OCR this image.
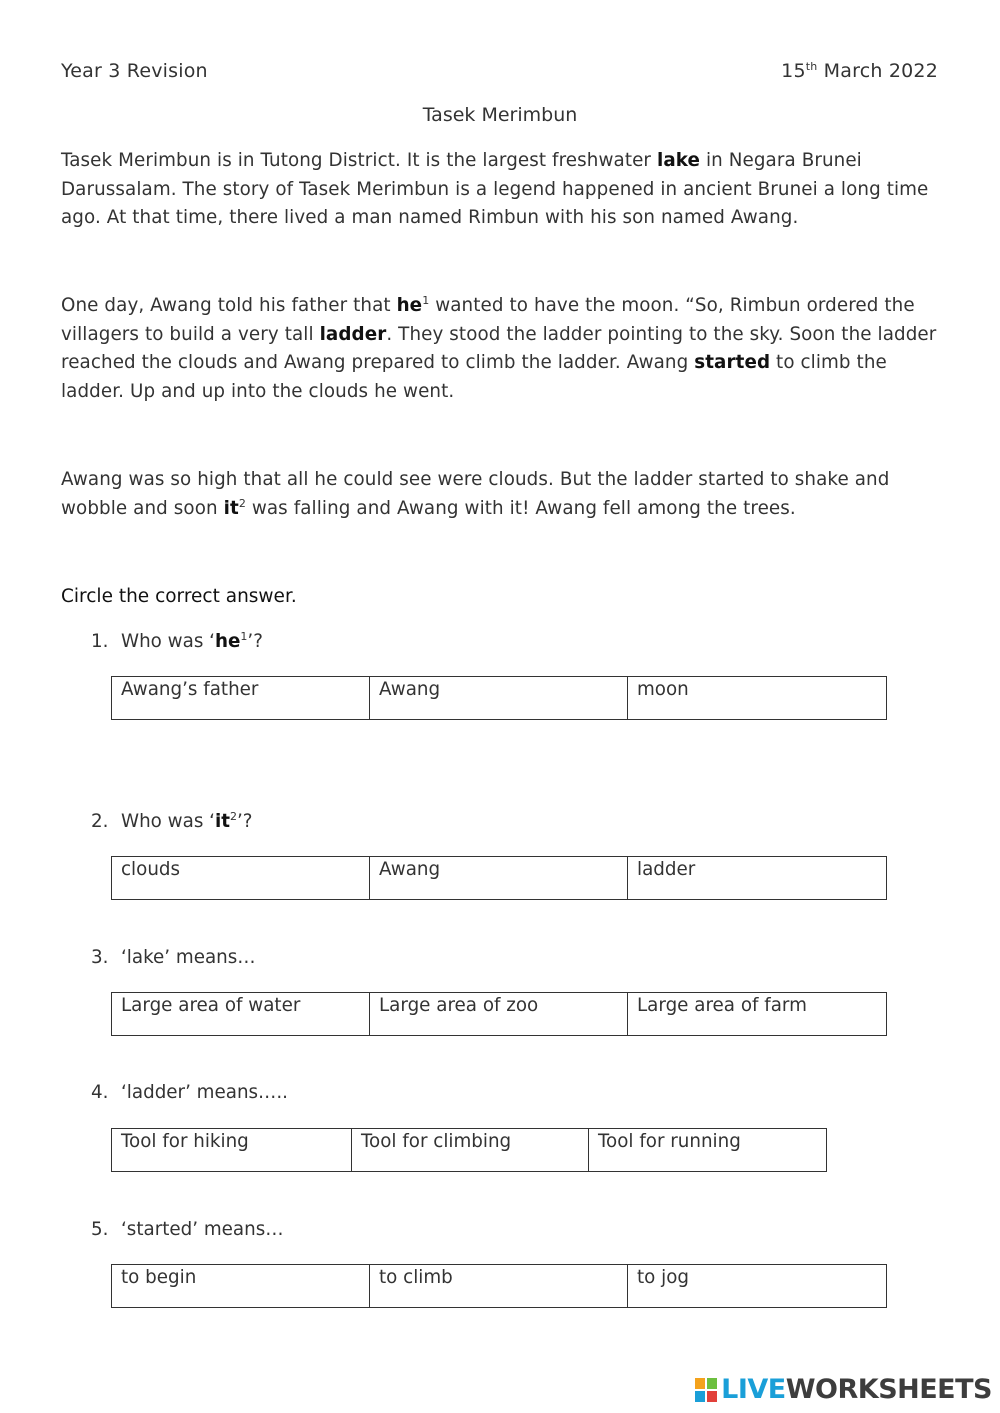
Year 3 Revision	15th March 2022
Tasek Merimbun
Tasek Merimbun is in Tutong District. It is the largest freshwater lake in Negara Brunei Darussalam. The story of Tasek Merimbun is a legend happened in ancient Brunei a long time ago. At that time, there lived a man named Rimbun with his son named Awang.
One day, Awang told his father that $he^1$ wanted to have the moon. “So, Rimbun ordered the villagers to build a very tall ladder. They stood the ladder pointing to the sky. Soon the ladder reached the clouds and Awang prepared to climb the ladder. Awang started to climb the ladder. Up and up into the clouds he went.
Awang was so high that all he could see were clouds. But the ladder started to shake and wobble and soon $it^2$ was falling and Awang with it! Awang fell among the trees.
Circle the correct answer.
1. Who was ‘$he^1$’?
Awang’s father	Awang	moon
2. Who was ‘$it^2$’?
clouds	Awang	ladder
3. ‘lake’ means…
Large area of water	Large area of zoo	Large area of farm
4. ‘ladder’ means…..
Tool for hiking	Tool for climbing	Tool for running
5. ‘started’ means…
to begin	to climb	to jog
LIVEWORKSHEETS
